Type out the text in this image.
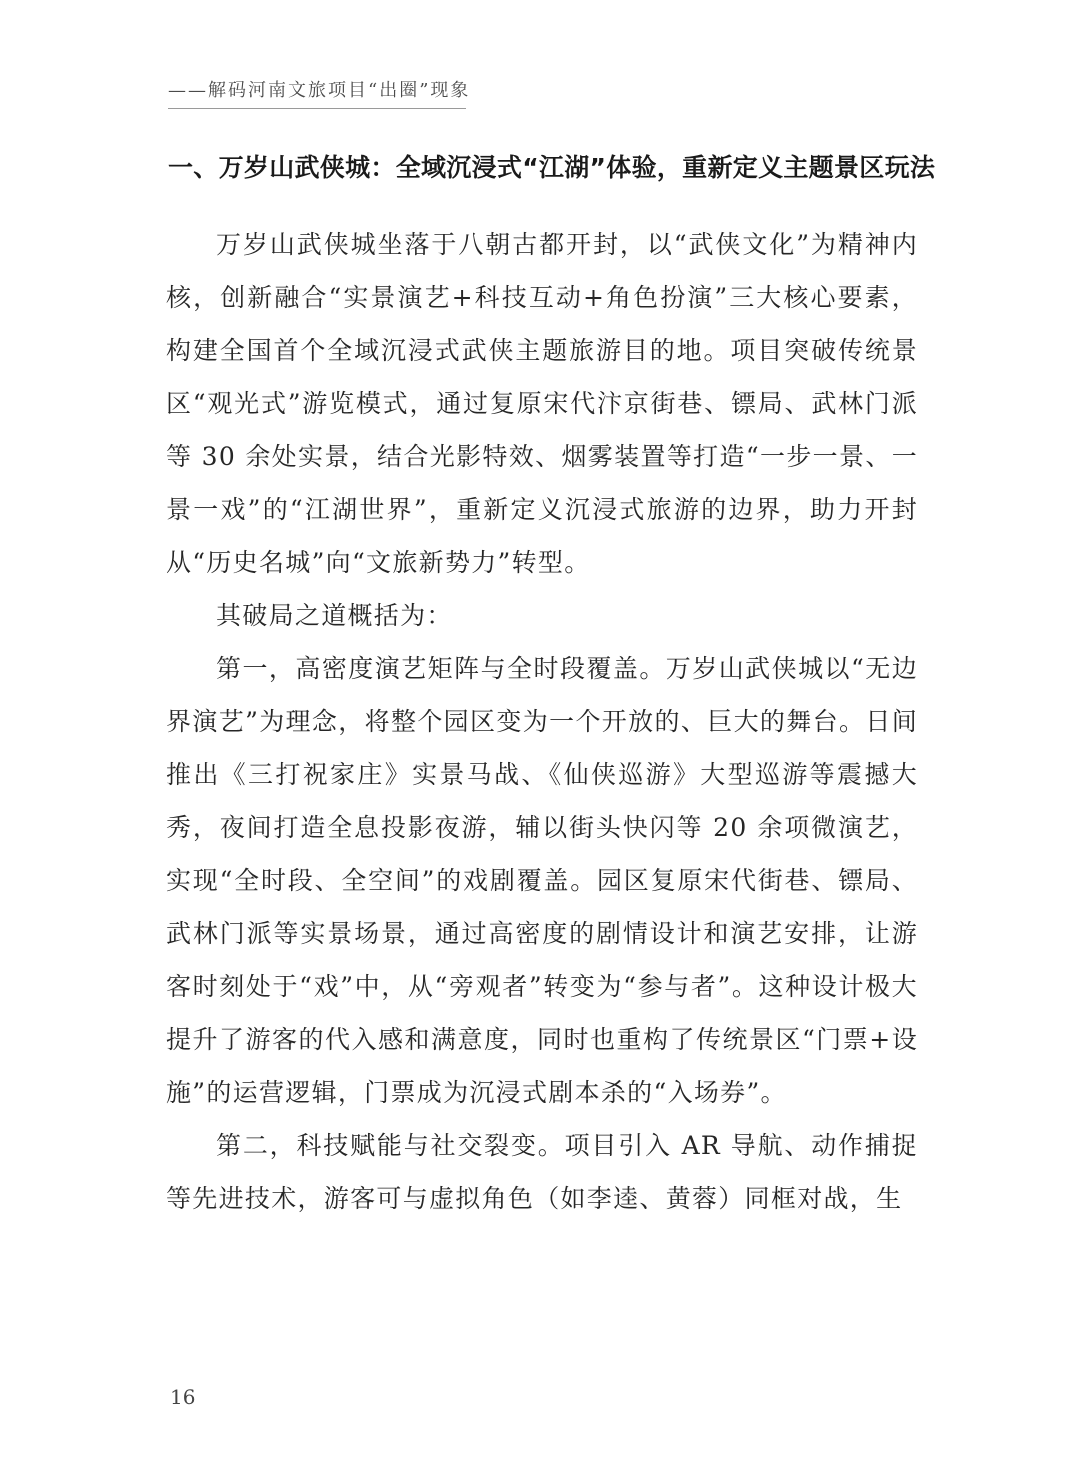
——解码河南文旅项目“出圈”现象
一、万岁山武侠城：全域沉浸式“江湖”体验，重新定义主题景区玩法

万岁山武侠城坐落于八朝古都开封，以“武侠文化”为精神内核，创新融合“实景演艺+科技互动+角色扮演”三大核心要素，构建全国首个全域沉浸式武侠主题旅游目的地。项目突破传统景区“观光式”游览模式，通过复原宋代汴京街巷、镖局、武林门派等 30 余处实景，结合光影特效、烟雾装置等打造“一步一景、一景一戏”的“江湖世界”，重新定义沉浸式旅游的边界，助力开封从“历史名城”向“文旅新势力”转型。

其破局之道概括为：

第一，高密度演艺矩阵与全时段覆盖。万岁山武侠城以“无边界演艺”为理念，将整个园区变为一个开放的、巨大的舞台。日间推出《三打祝家庄》实景马战、《仙侠巡游》大型巡游等震撼大秀，夜间打造全息投影夜游，辅以街头快闪等 20 余项微演艺，实现“全时段、全空间”的戏剧覆盖。园区复原宋代街巷、镖局、武林门派等实景场景，通过高密度的剧情设计和演艺安排，让游客时刻处于“戏”中，从“旁观者”转变为“参与者”。这种设计极大提升了游客的代入感和满意度，同时也重构了传统景区“门票+设施”的运营逻辑，门票成为沉浸式剧本杀的“入场券”。

第二，科技赋能与社交裂变。项目引入 AR 导航、动作捕捉等先进技术，游客可与虚拟角色（如李逵、黄蓉）同框对战，生

16
